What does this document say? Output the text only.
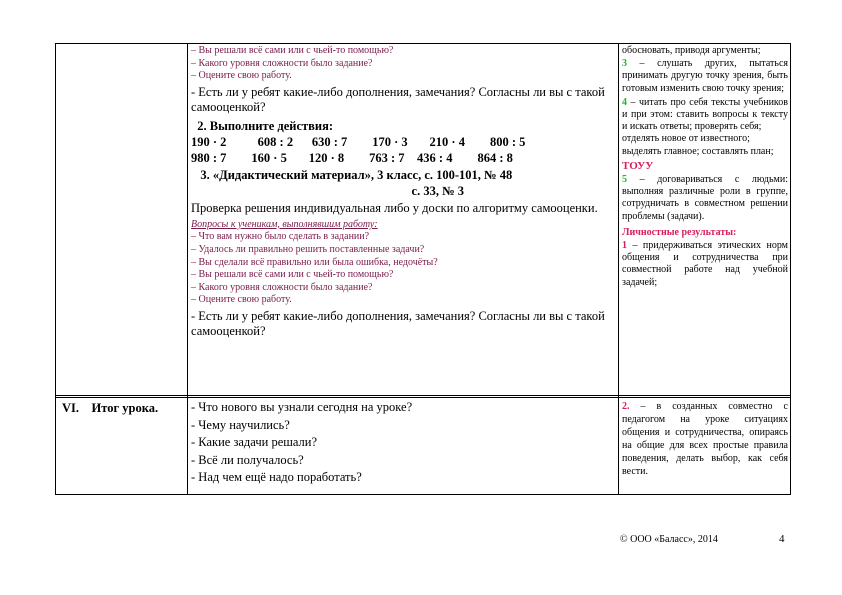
– Вы решали всё сами или с чьей-то помощью?

– Какого уровня сложности было задание?

– Оцените свою работу.

- Есть ли у ребят какие-либо дополнения, замечания? Согласны ли вы с такой самооценкой?

2. Выполните действия:

190 · 2          608 : 2      630 : 7        170 · 3       210 · 4        800 : 5

980 : 7        160 · 5       120 · 8        763 : 7    436 : 4        864 : 8

3. «Дидактический материал», 3 класс, с. 100-101, № 48

с. 33, № 3

Проверка решения индивидуальная либо у доски по алгоритму самооценки.

Вопросы к ученикам, выполнявшим работу:

– Что вам нужно было сделать в задании?

– Удалось ли правильно решить поставленные задачи?

– Вы сделали всё правильно или была ошибка, недочёты?

– Вы решали всё сами или с чьей-то помощью?

– Какого уровня сложности было задание?

– Оцените свою работу.

- Есть ли у ребят какие-либо дополнения, замечания? Согласны ли вы с такой самооценкой?

обосновать, приводя аргументы;

3 – слушать других, пытаться принимать другую точку зрения, быть готовым изменить свою точку зрения;

4 – читать про себя тексты учебников и при этом: ставить вопросы к тексту и искать ответы; проверять себя;

отделять новое от известного;

выделять главное; составлять план;

ТОУУ

5 – договариваться с людьми: выполняя различные роли в группе, сотрудничать в совместном решении проблемы (задачи).

Личностные результаты:

1 – придерживаться этических норм общения и сотрудничества при совместной работе над учебной задачей;

VI.    Итог урока.	- Что нового вы узнали сегодня на уроке?

- Чему научились?

- Какие задачи решали?

- Всё ли получалось?

- Над чем ещё надо поработать?

2. – в созданных совместно с педагогом на уроке ситуациях общения и сотрудничества, опираясь на общие для всех простые правила поведения, делать выбор, как себя вести.

© ООО «Баласс», 2014	4
